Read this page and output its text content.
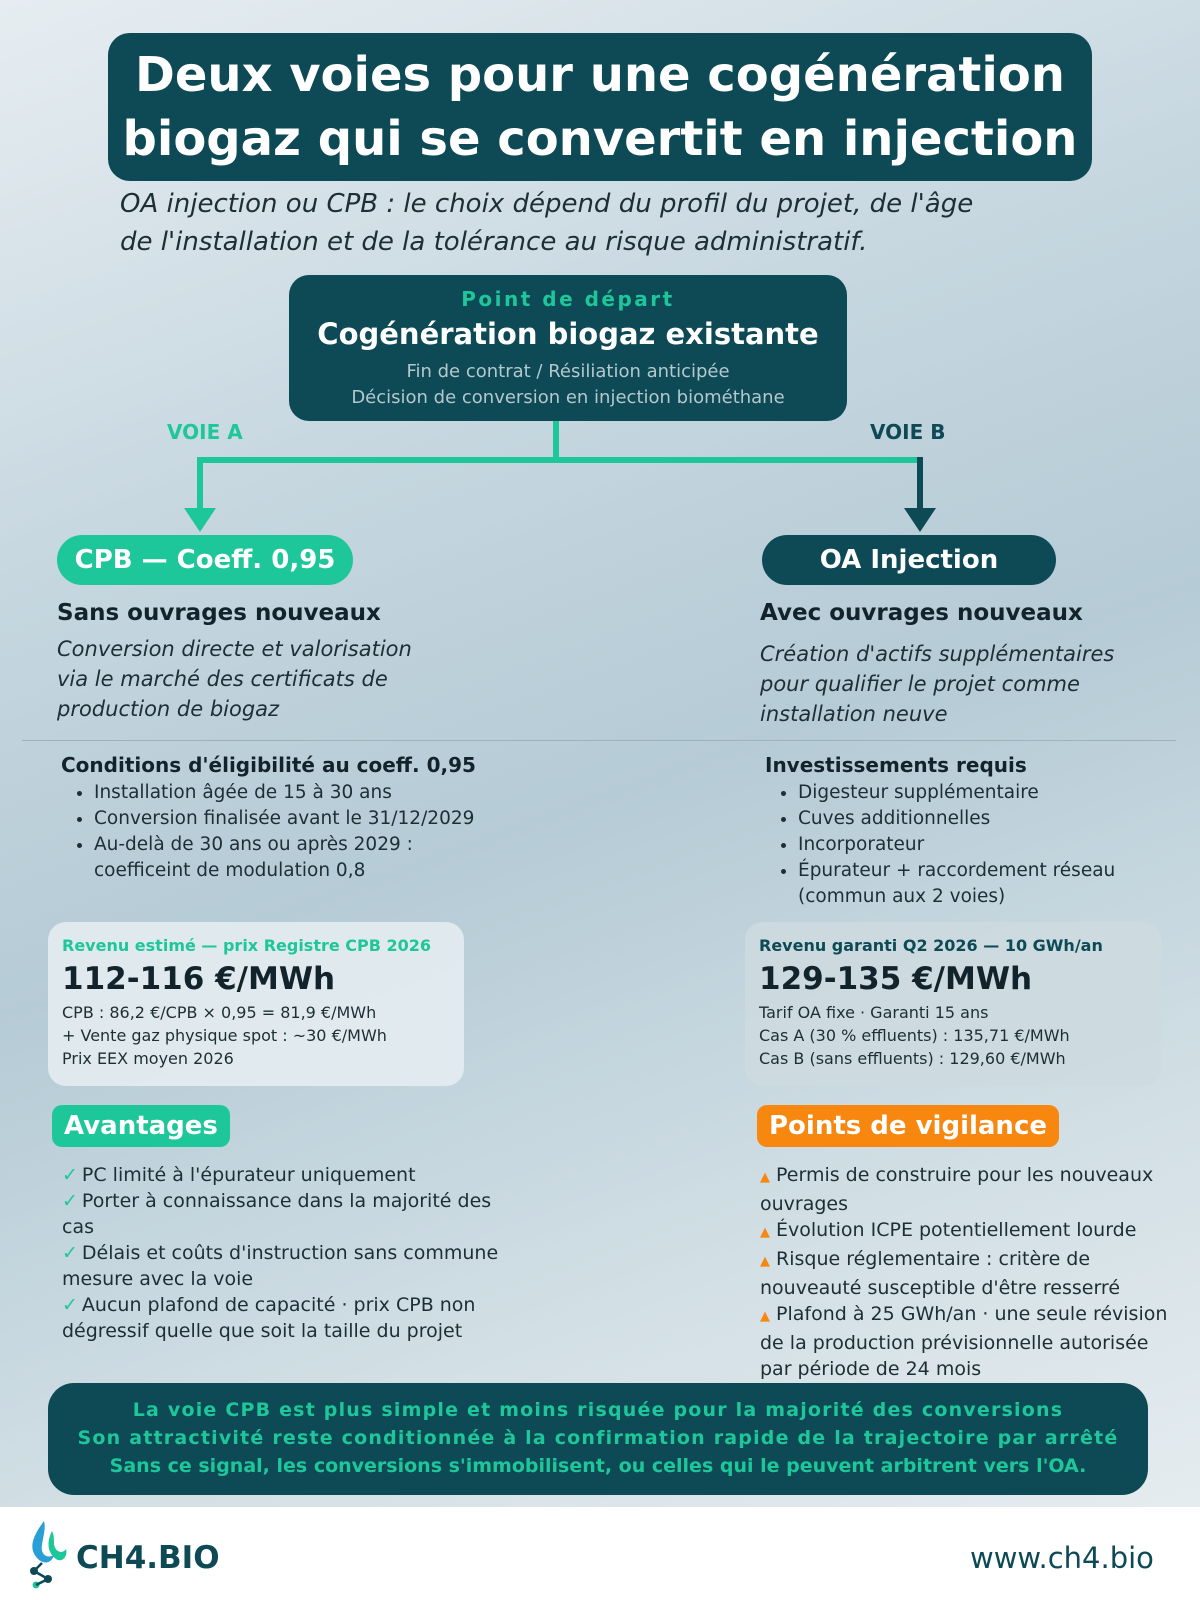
Deux voies pour une cogénération
biogaz qui se convertit en injection
OA injection ou CPB : le choix dépend du profil du projet, de l'âge
de l'installation et de la tolérance au risque administratif.
Point de départ
Cogénération biogaz existante
Fin de contrat / Résiliation anticipée
Décision de conversion en injection biométhane
VOIE A	VOIE B
CPB — Coeff. 0,95	OA Injection
Sans ouvrages nouveaux
Conversion directe et valorisation
via le marché des certificats de
production de biogaz
Avec ouvrages nouveaux
Création d'actifs supplémentaires
pour qualifier le projet comme
installation neuve
Conditions d'éligibilité au coeff. 0,95
• Installation âgée de 15 à 30 ans
• Conversion finalisée avant le 31/12/2029
• Au-delà de 30 ans ou après 2029 : coefficeint de modulation 0,8
Investissements requis
• Digesteur supplémentaire
• Cuves additionnelles
• Incorporateur
• Épurateur + raccordement réseau (commun aux 2 voies)
Revenu estimé — prix Registre CPB 2026
112-116 €/MWh
CPB : 86,2 €/CPB × 0,95 = 81,9 €/MWh
+ Vente gaz physique spot : ~30 €/MWh
Prix EEX moyen 2026
Revenu garanti Q2 2026 — 10 GWh/an
129-135 €/MWh
Tarif OA fixe · Garanti 15 ans
Cas A (30 % effluents) : 135,71 €/MWh
Cas B (sans effluents) : 129,60 €/MWh
Avantages	Points de vigilance
✓ PC limité à l'épurateur uniquement
✓ Porter à connaissance dans la majorité des cas
✓ Délais et coûts d'instruction sans commune mesure avec la voie
✓ Aucun plafond de capacité · prix CPB non dégressif quelle que soit la taille du projet
▲ Permis de construire pour les nouveaux ouvrages
▲ Évolution ICPE potentiellement lourde
▲ Risque réglementaire : critère de nouveauté susceptible d'être resserré
▲ Plafond à 25 GWh/an · une seule révision de la production prévisionnelle autorisée par période de 24 mois
La voie CPB est plus simple et moins risquée pour la majorité des conversions
Son attractivité reste conditionnée à la confirmation rapide de la trajectoire par arrêté
Sans ce signal, les conversions s'immobilisent, ou celles qui le peuvent arbitrent vers l'OA.
CH4.BIO	www.ch4.bio
